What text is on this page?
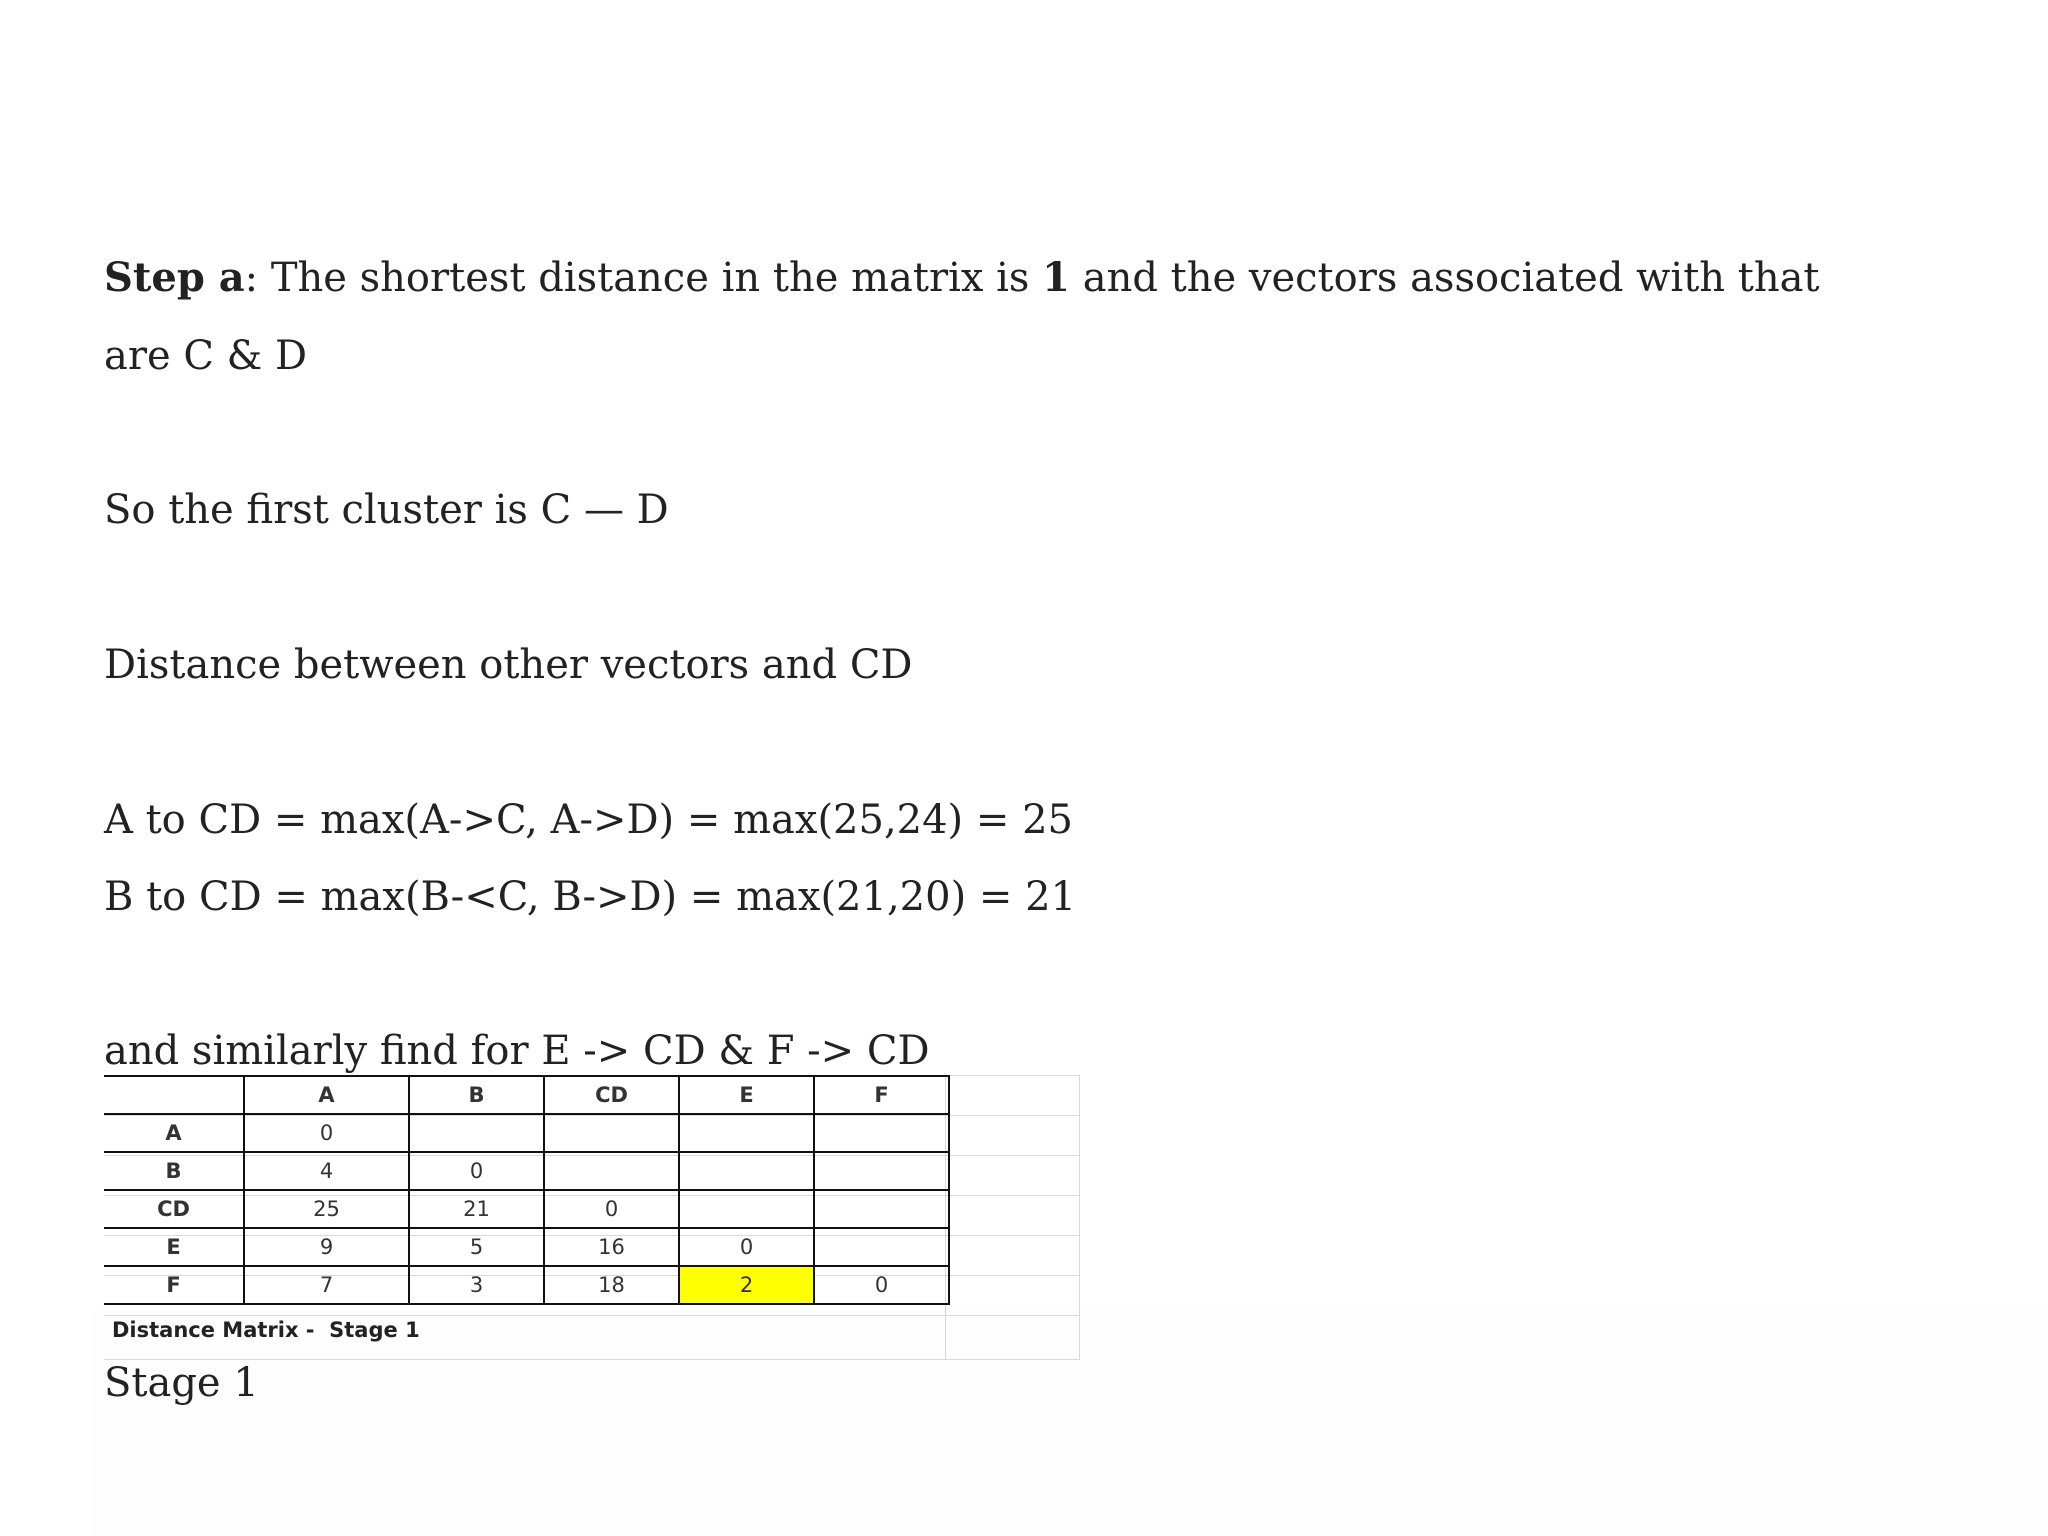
Step a: The shortest distance in the matrix is 1 and the vectors associated with that

are C & D

So the first cluster is C — D

Distance between other vectors and CD

A to CD = max(A->C, A->D) = max(25,24) = 25

B to CD = max(B-<C, B->D) = max(21,20) = 21

and similarly find for E -> CD & F -> CD

	A	B	CD	E	F
A	0				
B	4	0			
CD	25	21	0		
E	9	5	16	0	
F	7	3	18	2	0
Distance Matrix -  Stage 1

Stage 1
